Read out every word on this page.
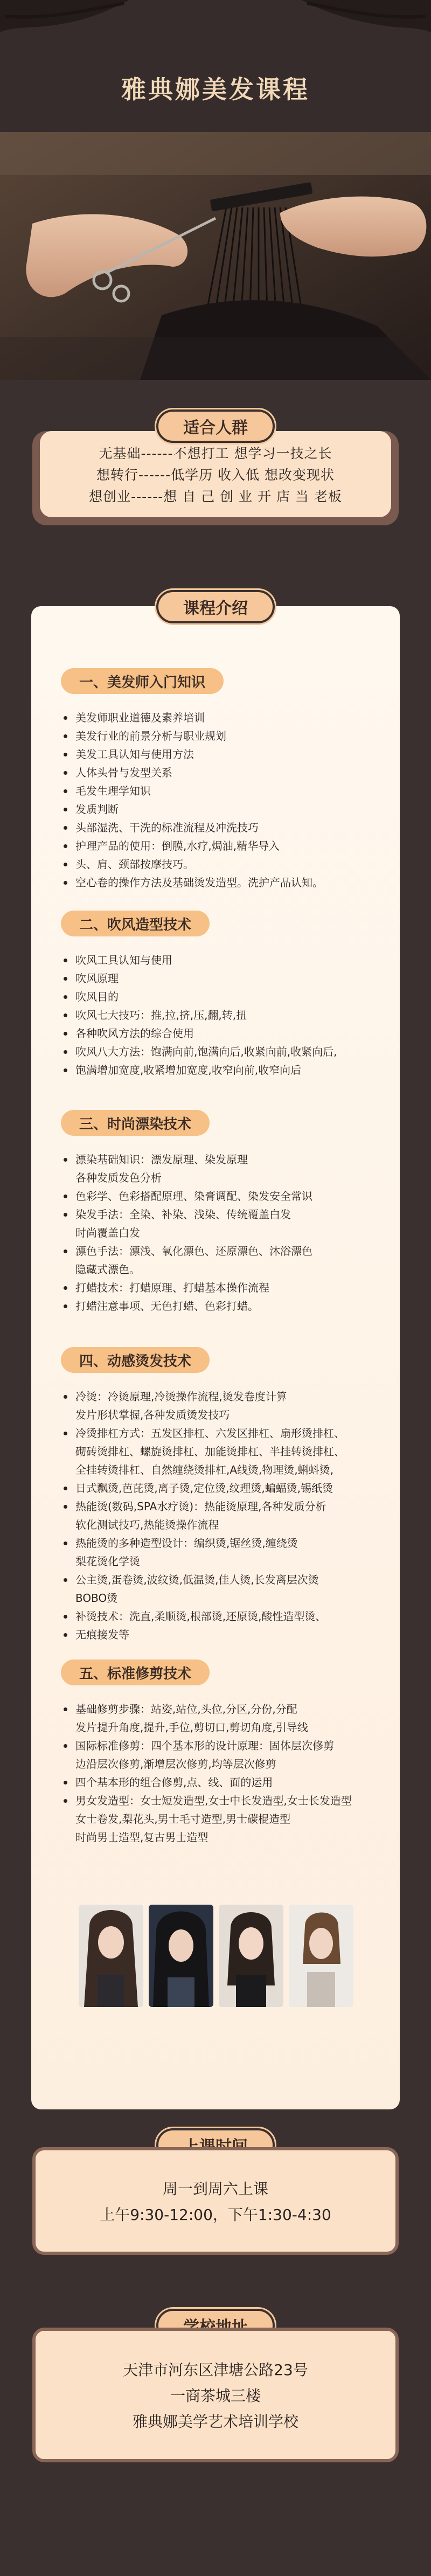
雅典娜美发课程
无基础------不想打工 想学习一技之长
想转行------低学历 收入低 想改变现状
想创业------想 自 己 创 业 开 店 当 老板
适合人群
课程介绍
一、美发师入门知识
美发师职业道德及素养培训
美发行业的前景分析与职业规划
美发工具认知与使用方法
人体头骨与发型关系
毛发生理学知识
发质判断
头部湿洗、干洗的标准流程及冲洗技巧
护理产品的使用：倒膜,水疗,焗油,精华导入
头、肩、颈部按摩技巧。
空心卷的操作方法及基础烫发造型。洗护产品认知。
二、吹风造型技术
吹风工具认知与使用
吹风原理
吹风目的
吹风七大技巧：推,拉,挤,压,翻,转,扭
各种吹风方法的综合使用
吹风八大方法：饱满向前,饱满向后,收紧向前,收紧向后,
饱满增加宽度,收紧增加宽度,收窄向前,收窄向后
三、时尚漂染技术
漂染基础知识：漂发原理、染发原理
各种发质发色分析
色彩学、色彩搭配原理、染膏调配、染发安全常识
染发手法：全染、补染、浅染、传统覆盖白发
时尚覆盖白发
漂色手法：漂浅、氧化漂色、还原漂色、沐浴漂色
隐藏式漂色。
打蜡技术：打蜡原理、打蜡基本操作流程
打蜡注意事项、无色打蜡、色彩打蜡。
四、动感烫发技术
冷烫：冷烫原理,冷烫操作流程,烫发卷度计算
发片形状掌握,各种发质烫发技巧
冷烫排杠方式：五发区排杠、六发区排杠、扇形烫排杠、
砌砖烫排杠、螺旋烫排杠、加能烫排杠、半挂转烫排杠、
全挂转烫排杠、自然缠绕烫排杠,A线烫,物理烫,蝌蚪烫,
日式飘烫,芭芘烫,离子烫,定位烫,纹理烫,蝙蝠烫,锡纸烫
热能烫(数码,SPA水疗烫)：热能烫原理,各种发质分析
软化测试技巧,热能烫操作流程
热能烫的多种造型设计：编织烫,锯丝烫,缠绕烫
梨花烫化学烫
公主烫,蛋卷烫,波纹烫,低温烫,佳人烫,长发离层次烫
BOBO烫
补烫技术：洗直,柔顺烫,根部烫,还原烫,酸性造型烫、
无痕接发等
五、标准修剪技术
基础修剪步骤：站姿,站位,头位,分区,分份,分配
发片提升角度,提升,手位,剪切口,剪切角度,引导线
国际标准修剪：四个基本形的设计原理：固体层次修剪
边沿层次修剪,渐增层次修剪,均等层次修剪
四个基本形的组合修剪,点、线、面的运用
男女发造型：女士短发造型,女士中长发造型,女士长发造型
女士卷发,梨花头,男士毛寸造型,男士碳棍造型
时尚男士造型,复古男士造型
周一到周六上课
上午9:30-12:00，下午1:30-4:30
天津市河东区津塘公路23号
一商茶城三楼
雅典娜美学艺术培训学校
